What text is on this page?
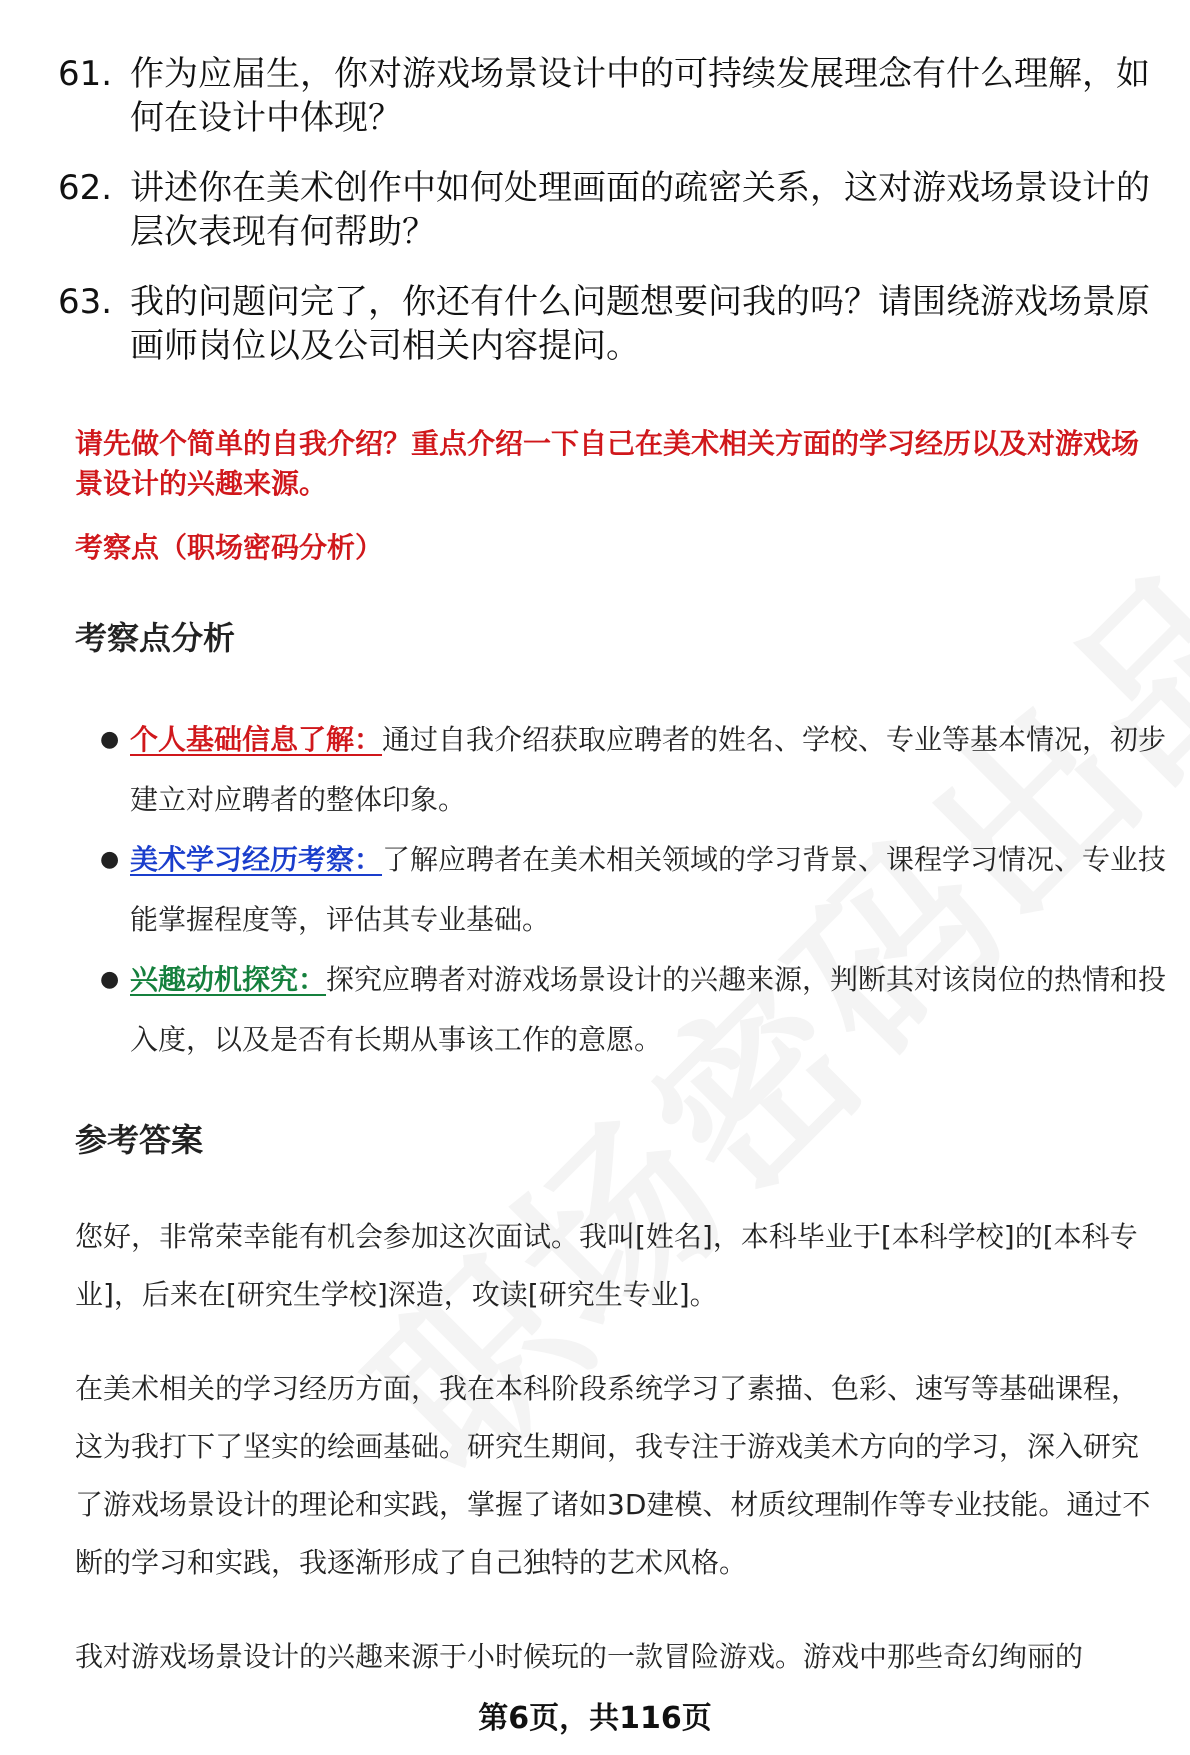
61. 作为应届生，你对游戏场景设计中的可持续发展理念有什么理解，如何在设计中体现？
62. 讲述你在美术创作中如何处理画面的疏密关系，这对游戏场景设计的层次表现有何帮助？
63. 我的问题问完了，你还有什么问题想要问我的吗？请围绕游戏场景原画师岗位以及公司相关内容提问。
请先做个简单的自我介绍？重点介绍一下自己在美术相关方面的学习经历以及对游戏场景设计的兴趣来源。
考察点（职场密码分析）
考察点分析
● 个人基础信息了解：通过自我介绍获取应聘者的姓名、学校、专业等基本情况，初步建立对应聘者的整体印象。
● 美术学习经历考察：了解应聘者在美术相关领域的学习背景、课程学习情况、专业技能掌握程度等，评估其专业基础。
● 兴趣动机探究：探究应聘者对游戏场景设计的兴趣来源，判断其对该岗位的热情和投入度，以及是否有长期从事该工作的意愿。
参考答案
您好，非常荣幸能有机会参加这次面试。我叫[姓名]，本科毕业于[本科学校]的[本科专业]，后来在[研究生学校]深造，攻读[研究生专业]。
在美术相关的学习经历方面，我在本科阶段系统学习了素描、色彩、速写等基础课程，这为我打下了坚实的绘画基础。研究生期间，我专注于游戏美术方向的学习，深入研究了游戏场景设计的理论和实践，掌握了诸如3D建模、材质纹理制作等专业技能。通过不断的学习和实践，我逐渐形成了自己独特的艺术风格。
我对游戏场景设计的兴趣来源于小时候玩的一款冒险游戏。游戏中那些奇幻绚丽的
第6页，共116页
